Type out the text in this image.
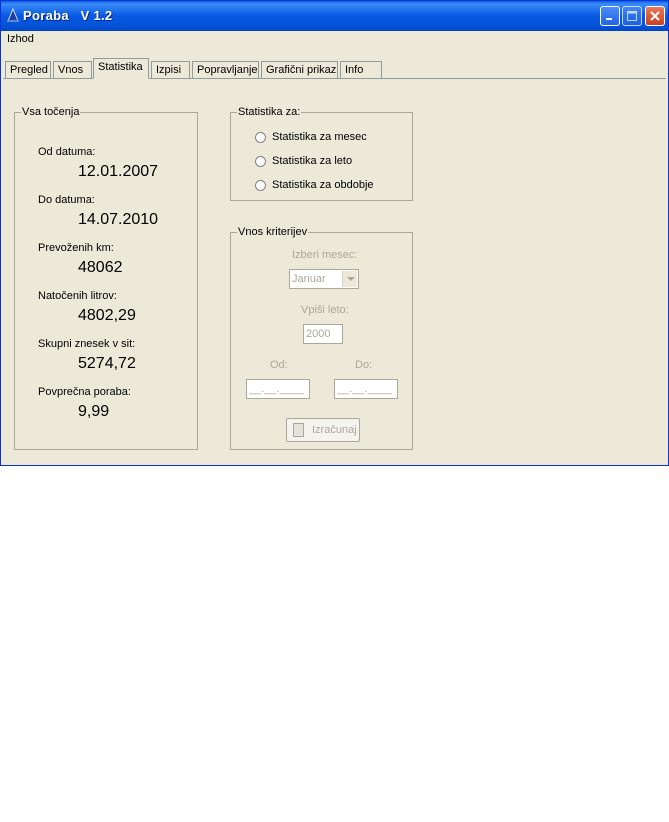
Poraba   V 1.2
Izhod
Pregled Vnos	Statistika	Izpisi	Popravljanje Grafični prikaz Info
Vsa točenja
Od datuma:
12.01.2007
Do datuma:
14.07.2010
Prevoženih km:
48062
Natočenih litrov:
4802,29
Skupni znesek v sit:
5274,72
Povprečna poraba:
9,99
Statistika za:
Statistika za mesec
Statistika za leto
Statistika za obdobje
Vnos kriterijev
Izberi mesec:
Januar
Vpiši leto:
2000
Od:	Do:
__.__.____	__.__.____
Izračunaj
